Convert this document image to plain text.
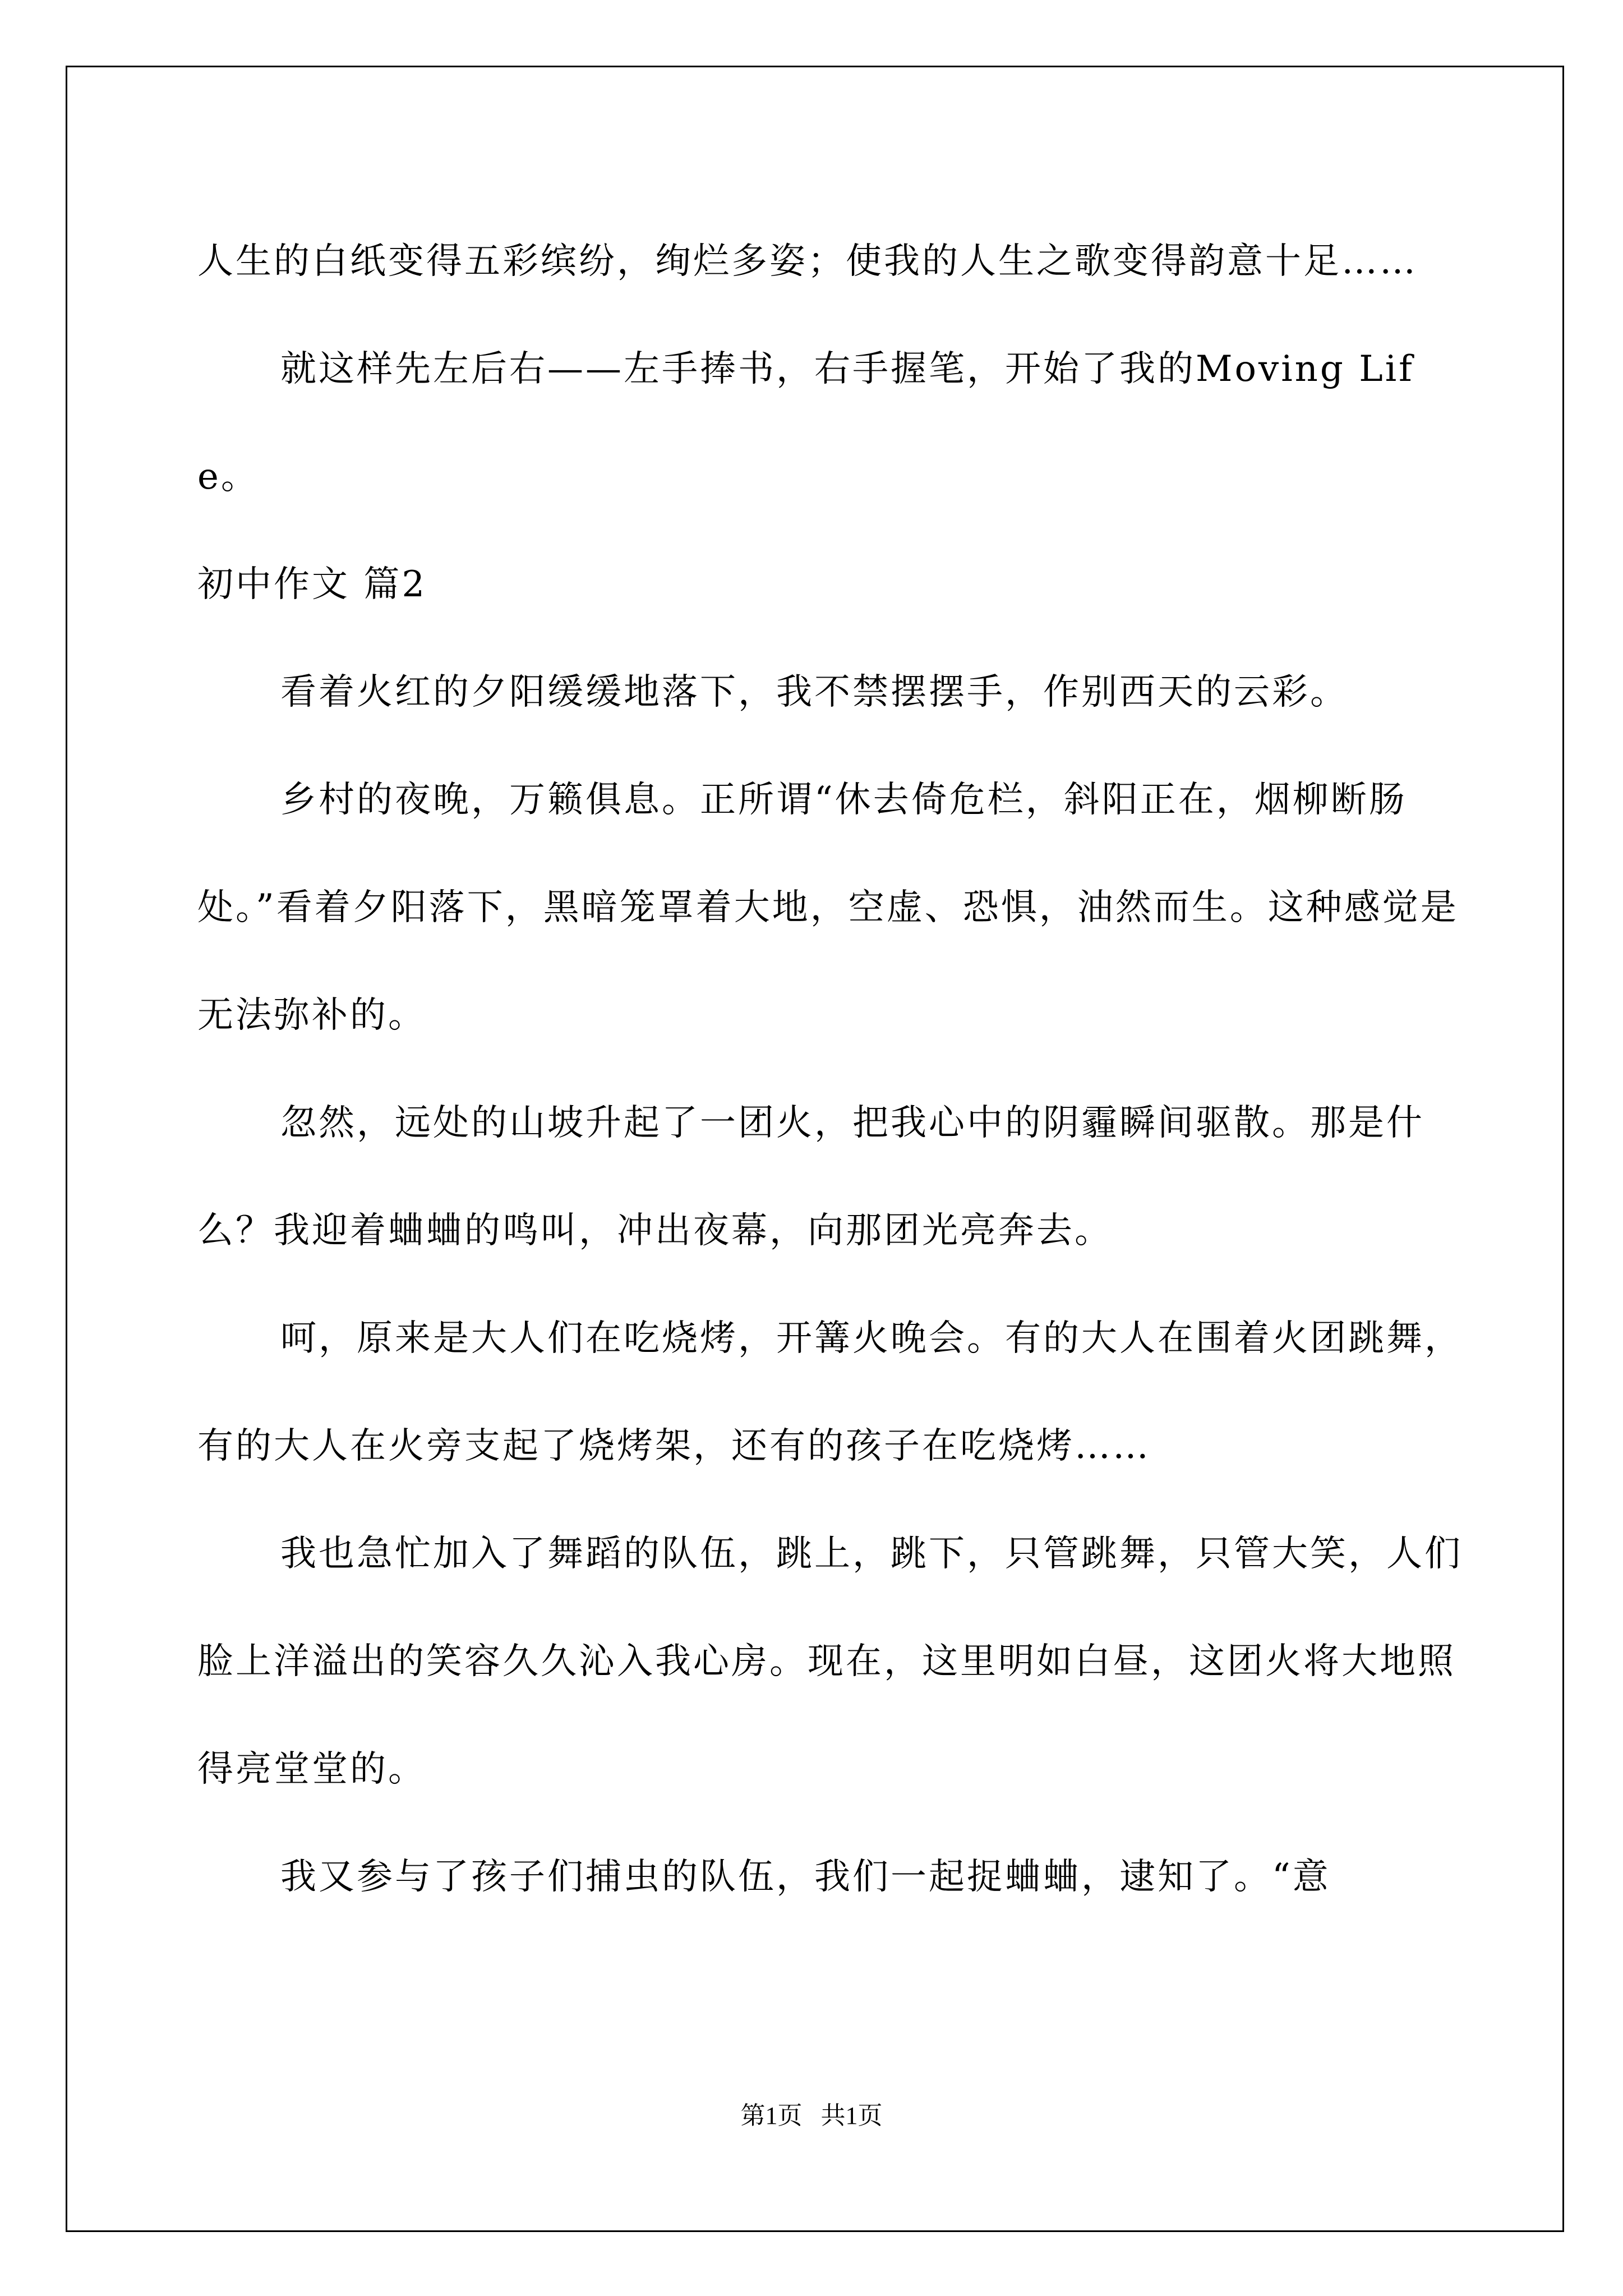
人生的白纸变得五彩缤纷，绚烂多姿；使我的人生之歌变得韵意十足……

就这样先左后右——左手捧书，右手握笔，开始了我的Moving Life。

初中作文 篇2

看着火红的夕阳缓缓地落下，我不禁摆摆手，作别西天的云彩。

乡村的夜晚，万籁俱息。正所谓“休去倚危栏，斜阳正在，烟柳断肠处。”看着夕阳落下，黑暗笼罩着大地，空虚、恐惧，油然而生。这种感觉是无法弥补的。

忽然，远处的山坡升起了一团火，把我心中的阴霾瞬间驱散。那是什么？我迎着蛐蛐的鸣叫，冲出夜幕，向那团光亮奔去。

呵，原来是大人们在吃烧烤，开篝火晚会。有的大人在围着火团跳舞，有的大人在火旁支起了烧烤架，还有的孩子在吃烧烤……

我也急忙加入了舞蹈的队伍，跳上，跳下，只管跳舞，只管大笑，人们脸上洋溢出的笑容久久沁入我心房。现在，这里明如白昼，这团火将大地照得亮堂堂的。

我又参与了孩子们捕虫的队伍，我们一起捉蛐蛐，逮知了。“意

第1页 共1页
